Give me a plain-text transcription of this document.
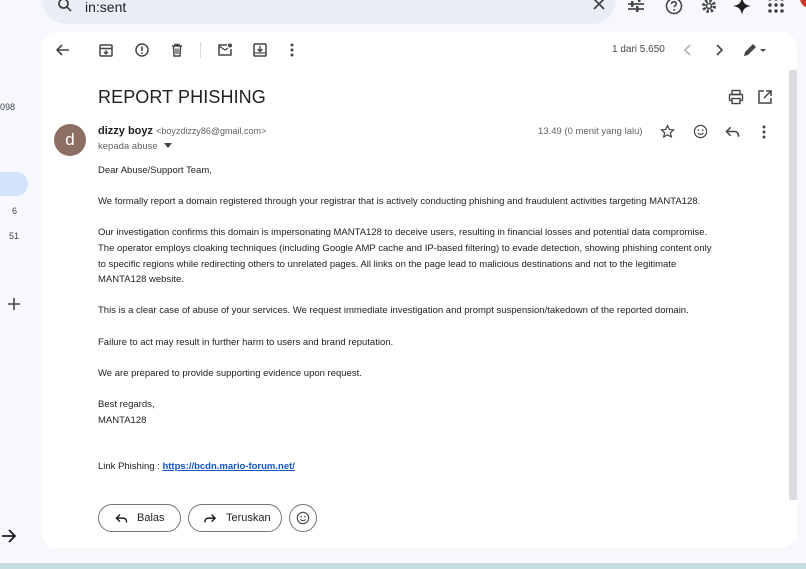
in:sent
098
6
51
1 dari 5.650
REPORT PHISHING
d	dizzy boyz <boyzdizzy86@gmail.com>
kepada abuse
13.49 (0 menit yang lalu)

Dear Abuse/Support Team,

We formally report a domain registered through your registrar that is actively conducting phishing and fraudulent activities targeting MANTA128.

Our investigation confirms this domain is impersonating MANTA128 to deceive users, resulting in financial losses and potential data compromise.

The operator employs cloaking techniques (including Google AMP cache and IP-based filtering) to evade detection, showing phishing content only

to specific regions while redirecting others to unrelated pages. All links on the page lead to malicious destinations and not to the legitimate

MANTA128 website.

This is a clear case of abuse of your services. We request immediate investigation and prompt suspension/takedown of the reported domain.

Failure to act may result in further harm to users and brand reputation.

We are prepared to provide supporting evidence upon request.

Best regards,

MANTA128

Link Phishing : https://bcdn.mario-forum.net/

Balas	Teruskan
